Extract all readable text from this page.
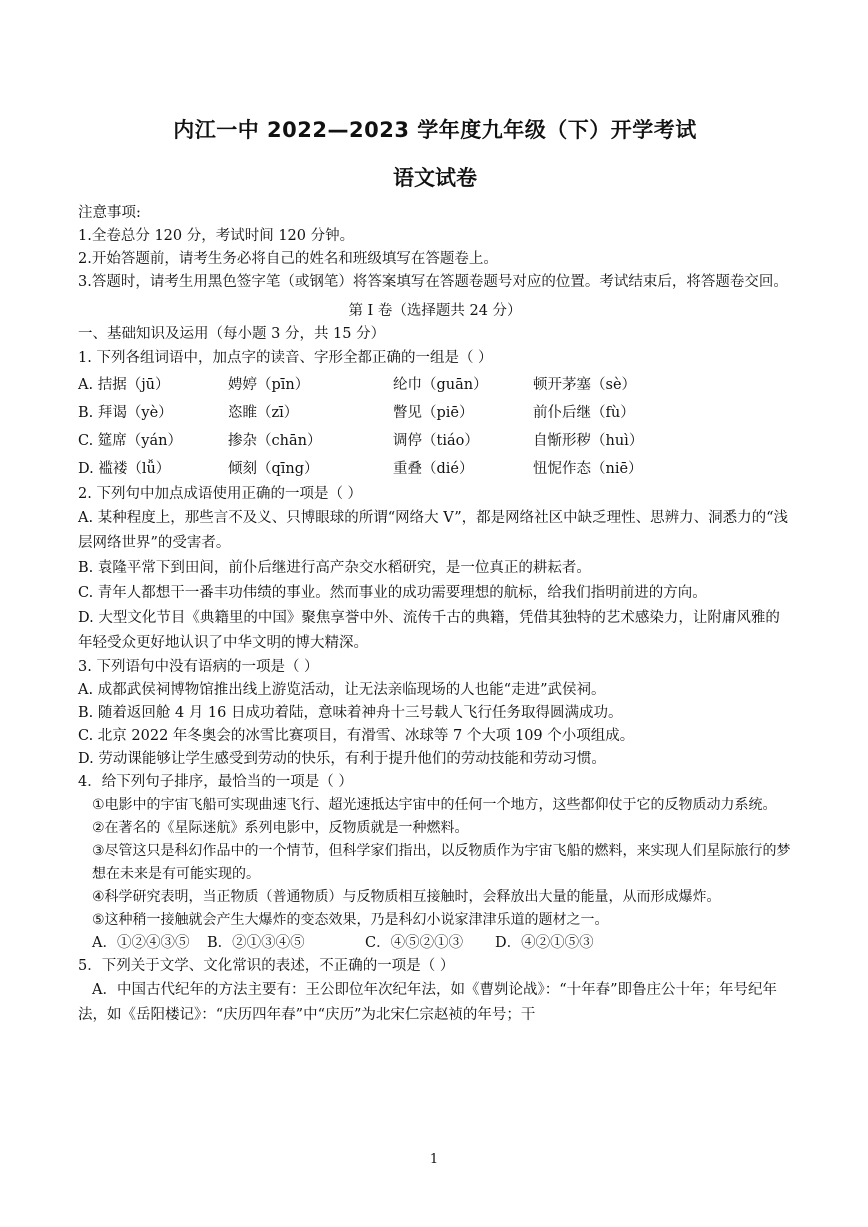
内江一中 2022—2023 学年度九年级（下）开学考试
语文试卷

注意事项:

1.全卷总分 120 分，考试时间 120 分钟。

2.开始答题前，请考生务必将自己的姓名和班级填写在答题卷上。

3.答题时，请考生用黑色签字笔（或钢笔）将答案填写在答题卷题号对应的位置。考试结束后，将答题卷交回。

第 I 卷（选择题共 24 分）

一、基础知识及运用（每小题 3 分，共 15 分）

1. 下列各组词语中，加点字的读音、字形全都正确的一组是（ ）

A. 拮据（jū）	娉婷（pīn）	纶巾（guān）	顿开茅塞（sè）

B. 拜谒（yè）	恣睢（zī）	瞥见（piē）	前仆后继（fù）

C. 筵席（yán）	掺杂（chān）	调停（tiáo）	自惭形秽（huì）

D. 褴褛（lǚ）	倾刻（qīng）	重叠（dié）	忸怩作态（niē）

2. 下列句中加点成语使用正确的一项是（ ）

A. 某种程度上，那些言不及义、只博眼球的所谓“网络大 V”，都是网络社区中缺乏理性、思辨力、洞悉力的“浅层网络世界”的受害者。

B. 袁隆平常下到田间，前仆后继进行高产杂交水稻研究，是一位真正的耕耘者。

C. 青年人都想干一番丰功伟绩的事业。然而事业的成功需要理想的航标，给我们指明前进的方向。

D. 大型文化节目《典籍里的中国》聚焦享誉中外、流传千古的典籍，凭借其独特的艺术感染力，让附庸风雅的年轻受众更好地认识了中华文明的博大精深。

3. 下列语句中没有语病的一项是（ ）

A. 成都武侯祠博物馆推出线上游览活动，让无法亲临现场的人也能“走进”武侯祠。

B. 随着返回舱 4 月 16 日成功着陆，意味着神舟十三号载人飞行任务取得圆满成功。

C. 北京 2022 年冬奥会的冰雪比赛项目，有滑雪、冰球等 7 个大项 109 个小项组成。

D. 劳动课能够让学生感受到劳动的快乐，有利于提升他们的劳动技能和劳动习惯。

4．给下列句子排序，最恰当的一项是（ ）

①电影中的宇宙飞船可实现曲速飞行、超光速抵达宇宙中的任何一个地方，这些都仰仗于它的反物质动力系统。

②在著名的《星际迷航》系列电影中，反物质就是一种燃料。

③尽管这只是科幻作品中的一个情节，但科学家们指出，以反物质作为宇宙飞船的燃料，来实现人们星际旅行的梦想在未来是有可能实现的。

④科学研究表明，当正物质（普通物质）与反物质相互接触时，会释放出大量的能量，从而形成爆炸。

⑤这种稍一接触就会产生大爆炸的变态效果，乃是科幻小说家津津乐道的题材之一。

A．①②④③⑤ B．②①③④⑤	C．④⑤②①③ D．④②①⑤③

5．下列关于文学、文化常识的表述，不正确的一项是（ ）

A．中国古代纪年的方法主要有：王公即位年次纪年法，如《曹刿论战》：“十年春”即鲁庄公十年；年号纪年法，如《岳阳楼记》：“庆历四年春”中“庆历”为北宋仁宗赵祯的年号；干

1
